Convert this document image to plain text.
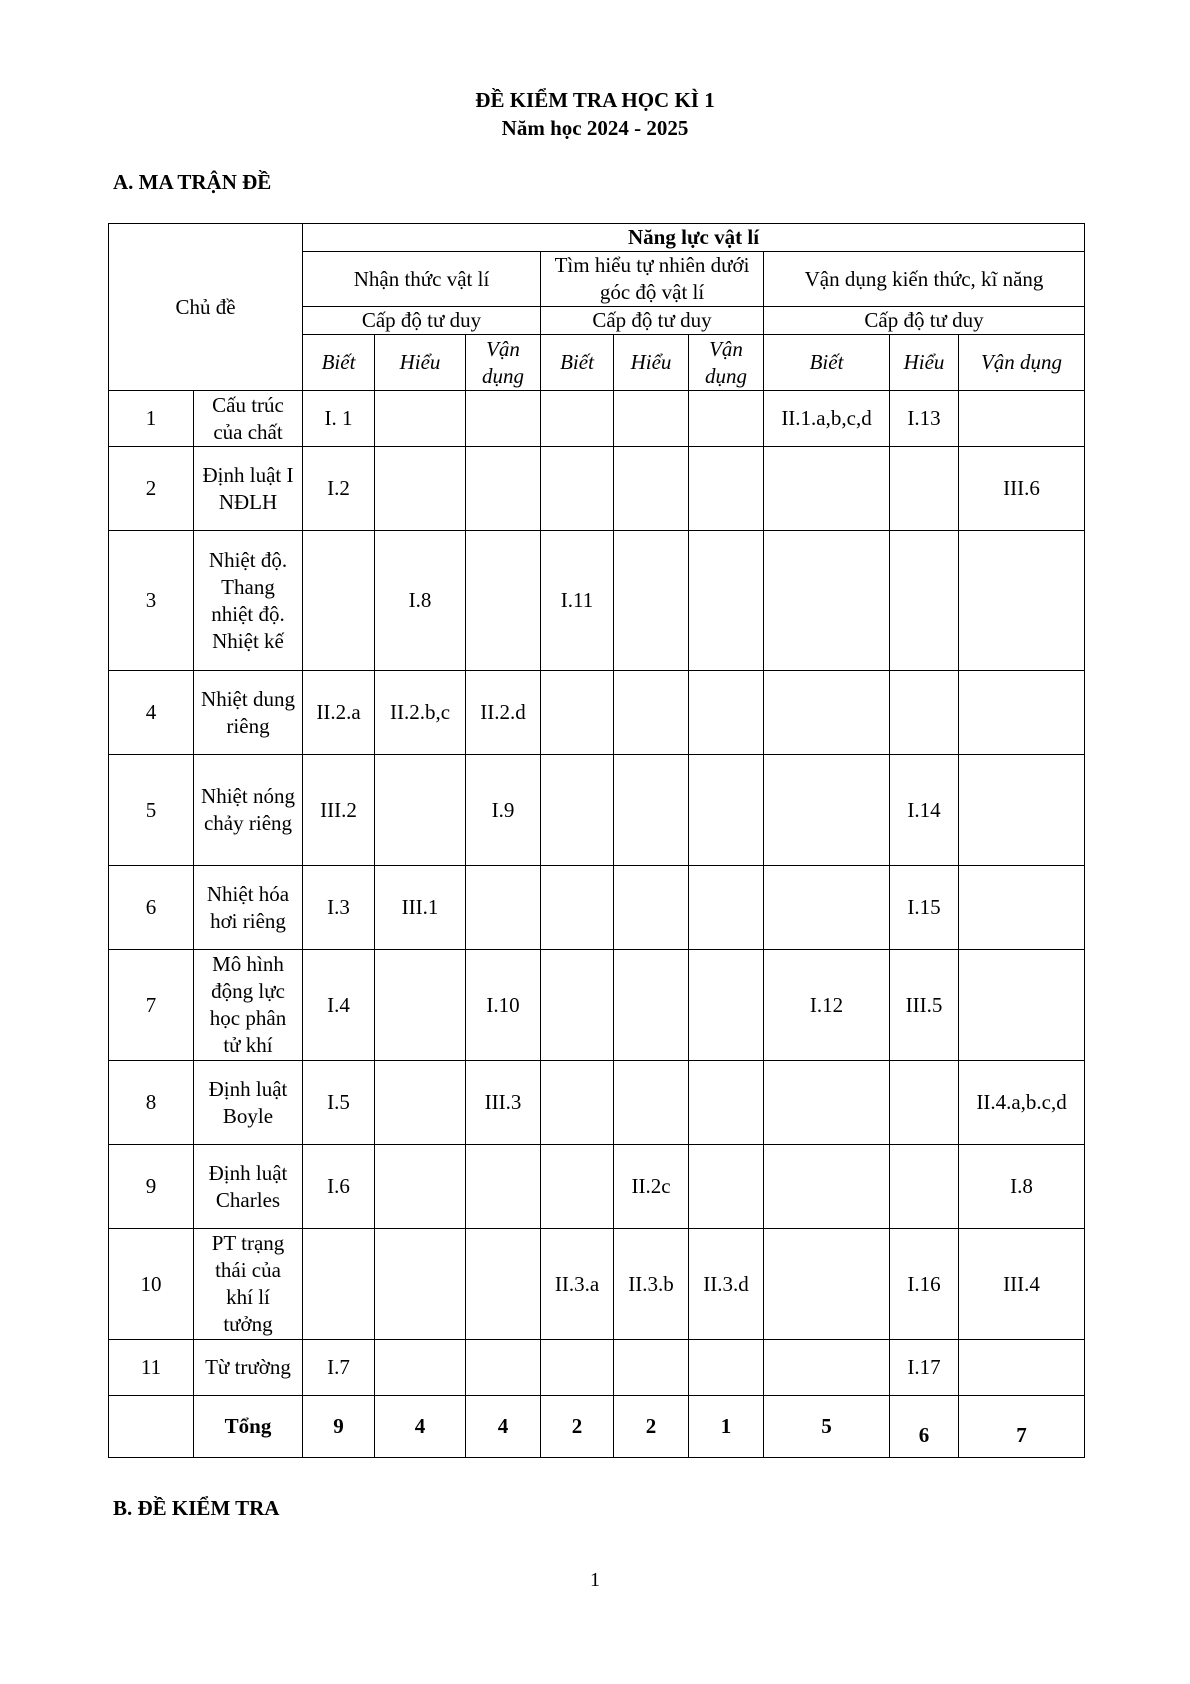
ĐỀ KIỂM TRA HỌC KÌ 1
Năm học 2024 - 2025
A. MA TRẬN ĐỀ
Chủ đề		Năng lực vật lí								
		Nhận thức vật lí			Tìm hiểu tự nhiên dưới góc độ vật lí			Vận dụng kiến thức, kĩ năng		
		Cấp độ tư duy			Cấp độ tư duy			Cấp độ tư duy		
		Biết	Hiểu	Vận dụng	Biết	Hiểu	Vận dụng	Biết	Hiểu	Vận dụng
1	Cấu trúc của chất	I. 1						II.1.a,b,c,d	I.13	
2	Định luật I NĐLH	I.2								III.6
3	Nhiệt độ. Thang nhiệt độ. Nhiệt kế		I.8		I.11					
4	Nhiệt dung riêng	II.2.a	II.2.b,c	II.2.d						
5	Nhiệt nóng chảy riêng	III.2		I.9					I.14	
6	Nhiệt hóa hơi riêng	I.3	III.1						I.15	
7	Mô hình động lực học phân tử khí	I.4		I.10				I.12	III.5	
8	Định luật Boyle	I.5		III.3						II.4.a,b.c,d
9	Định luật Charles	I.6				II.2c				I.8
10	PT trạng thái của khí lí tưởng				II.3.a	II.3.b	II.3.d		I.16	III.4
11	Từ trường	I.7							I.17	
	Tổng	9	4	4	2	2	1	5	6	7
B. ĐỀ KIỂM TRA
1
